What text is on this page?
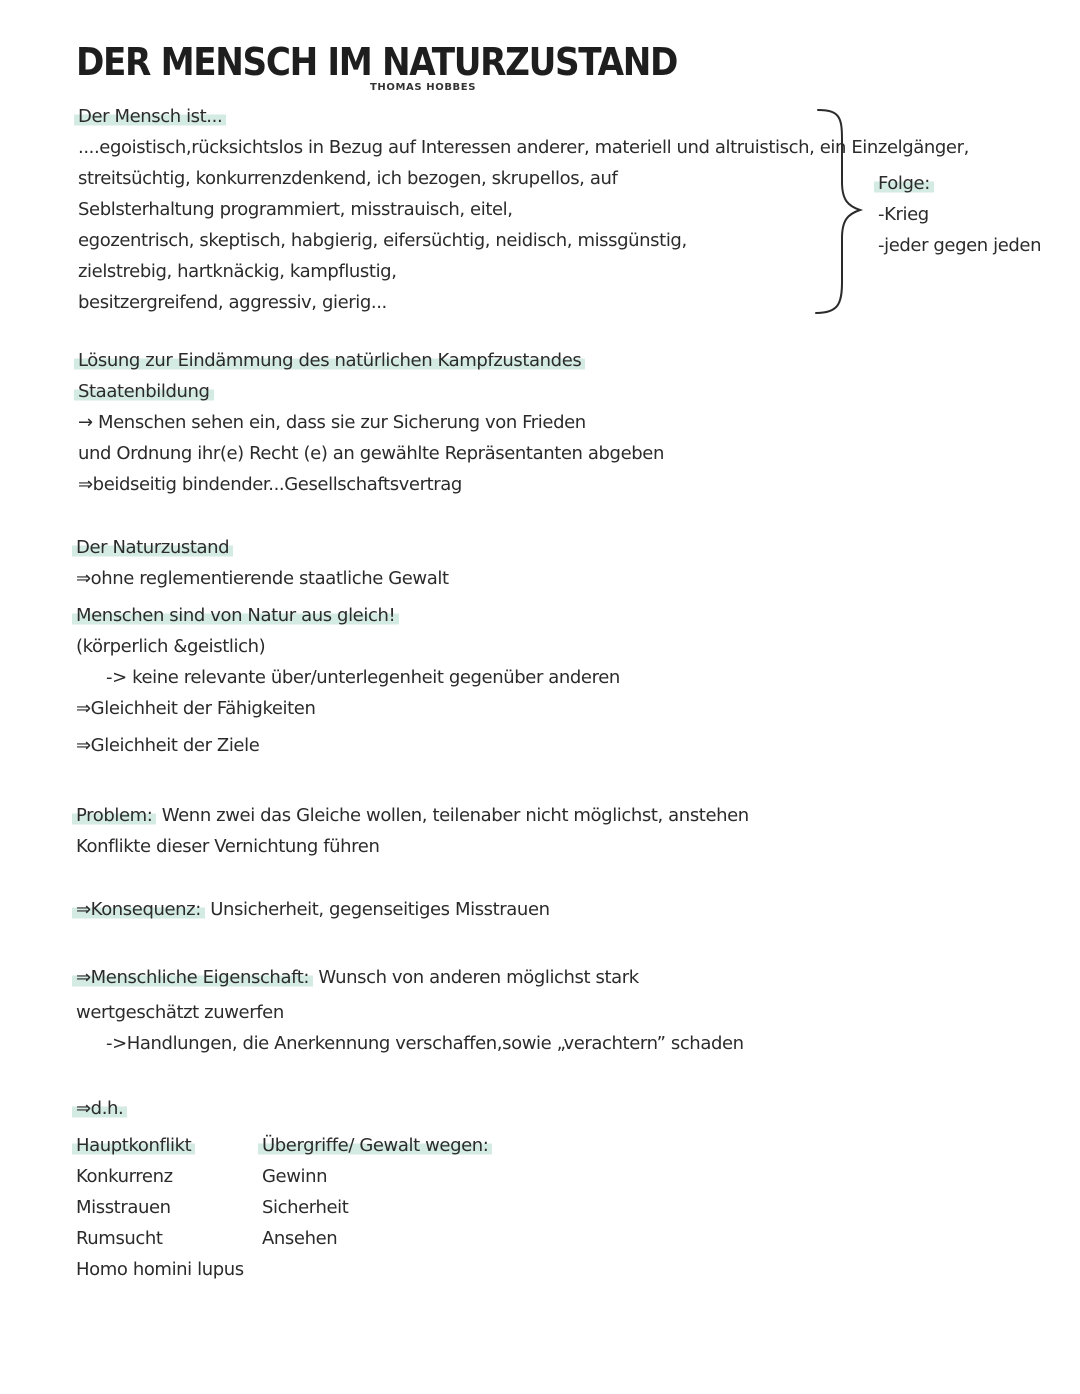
DER MENSCH IM NATURZUSTAND
THOMAS HOBBES
Der Mensch ist...
....egoistisch,rücksichtslos in Bezug auf Interessen anderer, materiell und altruistisch, ein Einzelgänger,
streitsüchtig, konkurrenzdenkend, ich bezogen, skrupellos, auf
Seblsterhaltung programmiert, misstrauisch, eitel,
egozentrisch, skeptisch, habgierig, eifersüchtig, neidisch, missgünstig,
zielstrebig, hartknäckig, kampflustig,
besitzergreifend, aggressiv, gierig...
Folge:
-Krieg
-jeder gegen jeden
Lösung zur Eindämmung des natürlichen Kampfzustandes
Staatenbildung
→ Menschen sehen ein, dass sie zur Sicherung von Frieden
und Ordnung ihr(e) Recht (e) an gewählte Repräsentanten abgeben
⇒beidseitig bindender...Gesellschaftsvertrag
Der Naturzustand
⇒ohne reglementierende staatliche Gewalt
Menschen sind von Natur aus gleich!
(körperlich &geistlich)
-> keine relevante über/unterlegenheit gegenüber anderen
⇒Gleichheit der Fähigkeiten
⇒Gleichheit der Ziele
Problem: Wenn zwei das Gleiche wollen, teilenaber nicht möglichst, anstehen
Konflikte dieser Vernichtung führen
⇒Konsequenz: Unsicherheit, gegenseitiges Misstrauen
⇒Menschliche Eigenschaft: Wunsch von anderen möglichst stark
wertgeschätzt zuwerfen
->Handlungen, die Anerkennung verschaffen,sowie „verachtern” schaden
⇒d.h.
Hauptkonflikt
Konkurrenz
Misstrauen
Rumsucht
Homo homini lupus
Übergriffe/ Gewalt wegen:
Gewinn
Sicherheit
Ansehen
